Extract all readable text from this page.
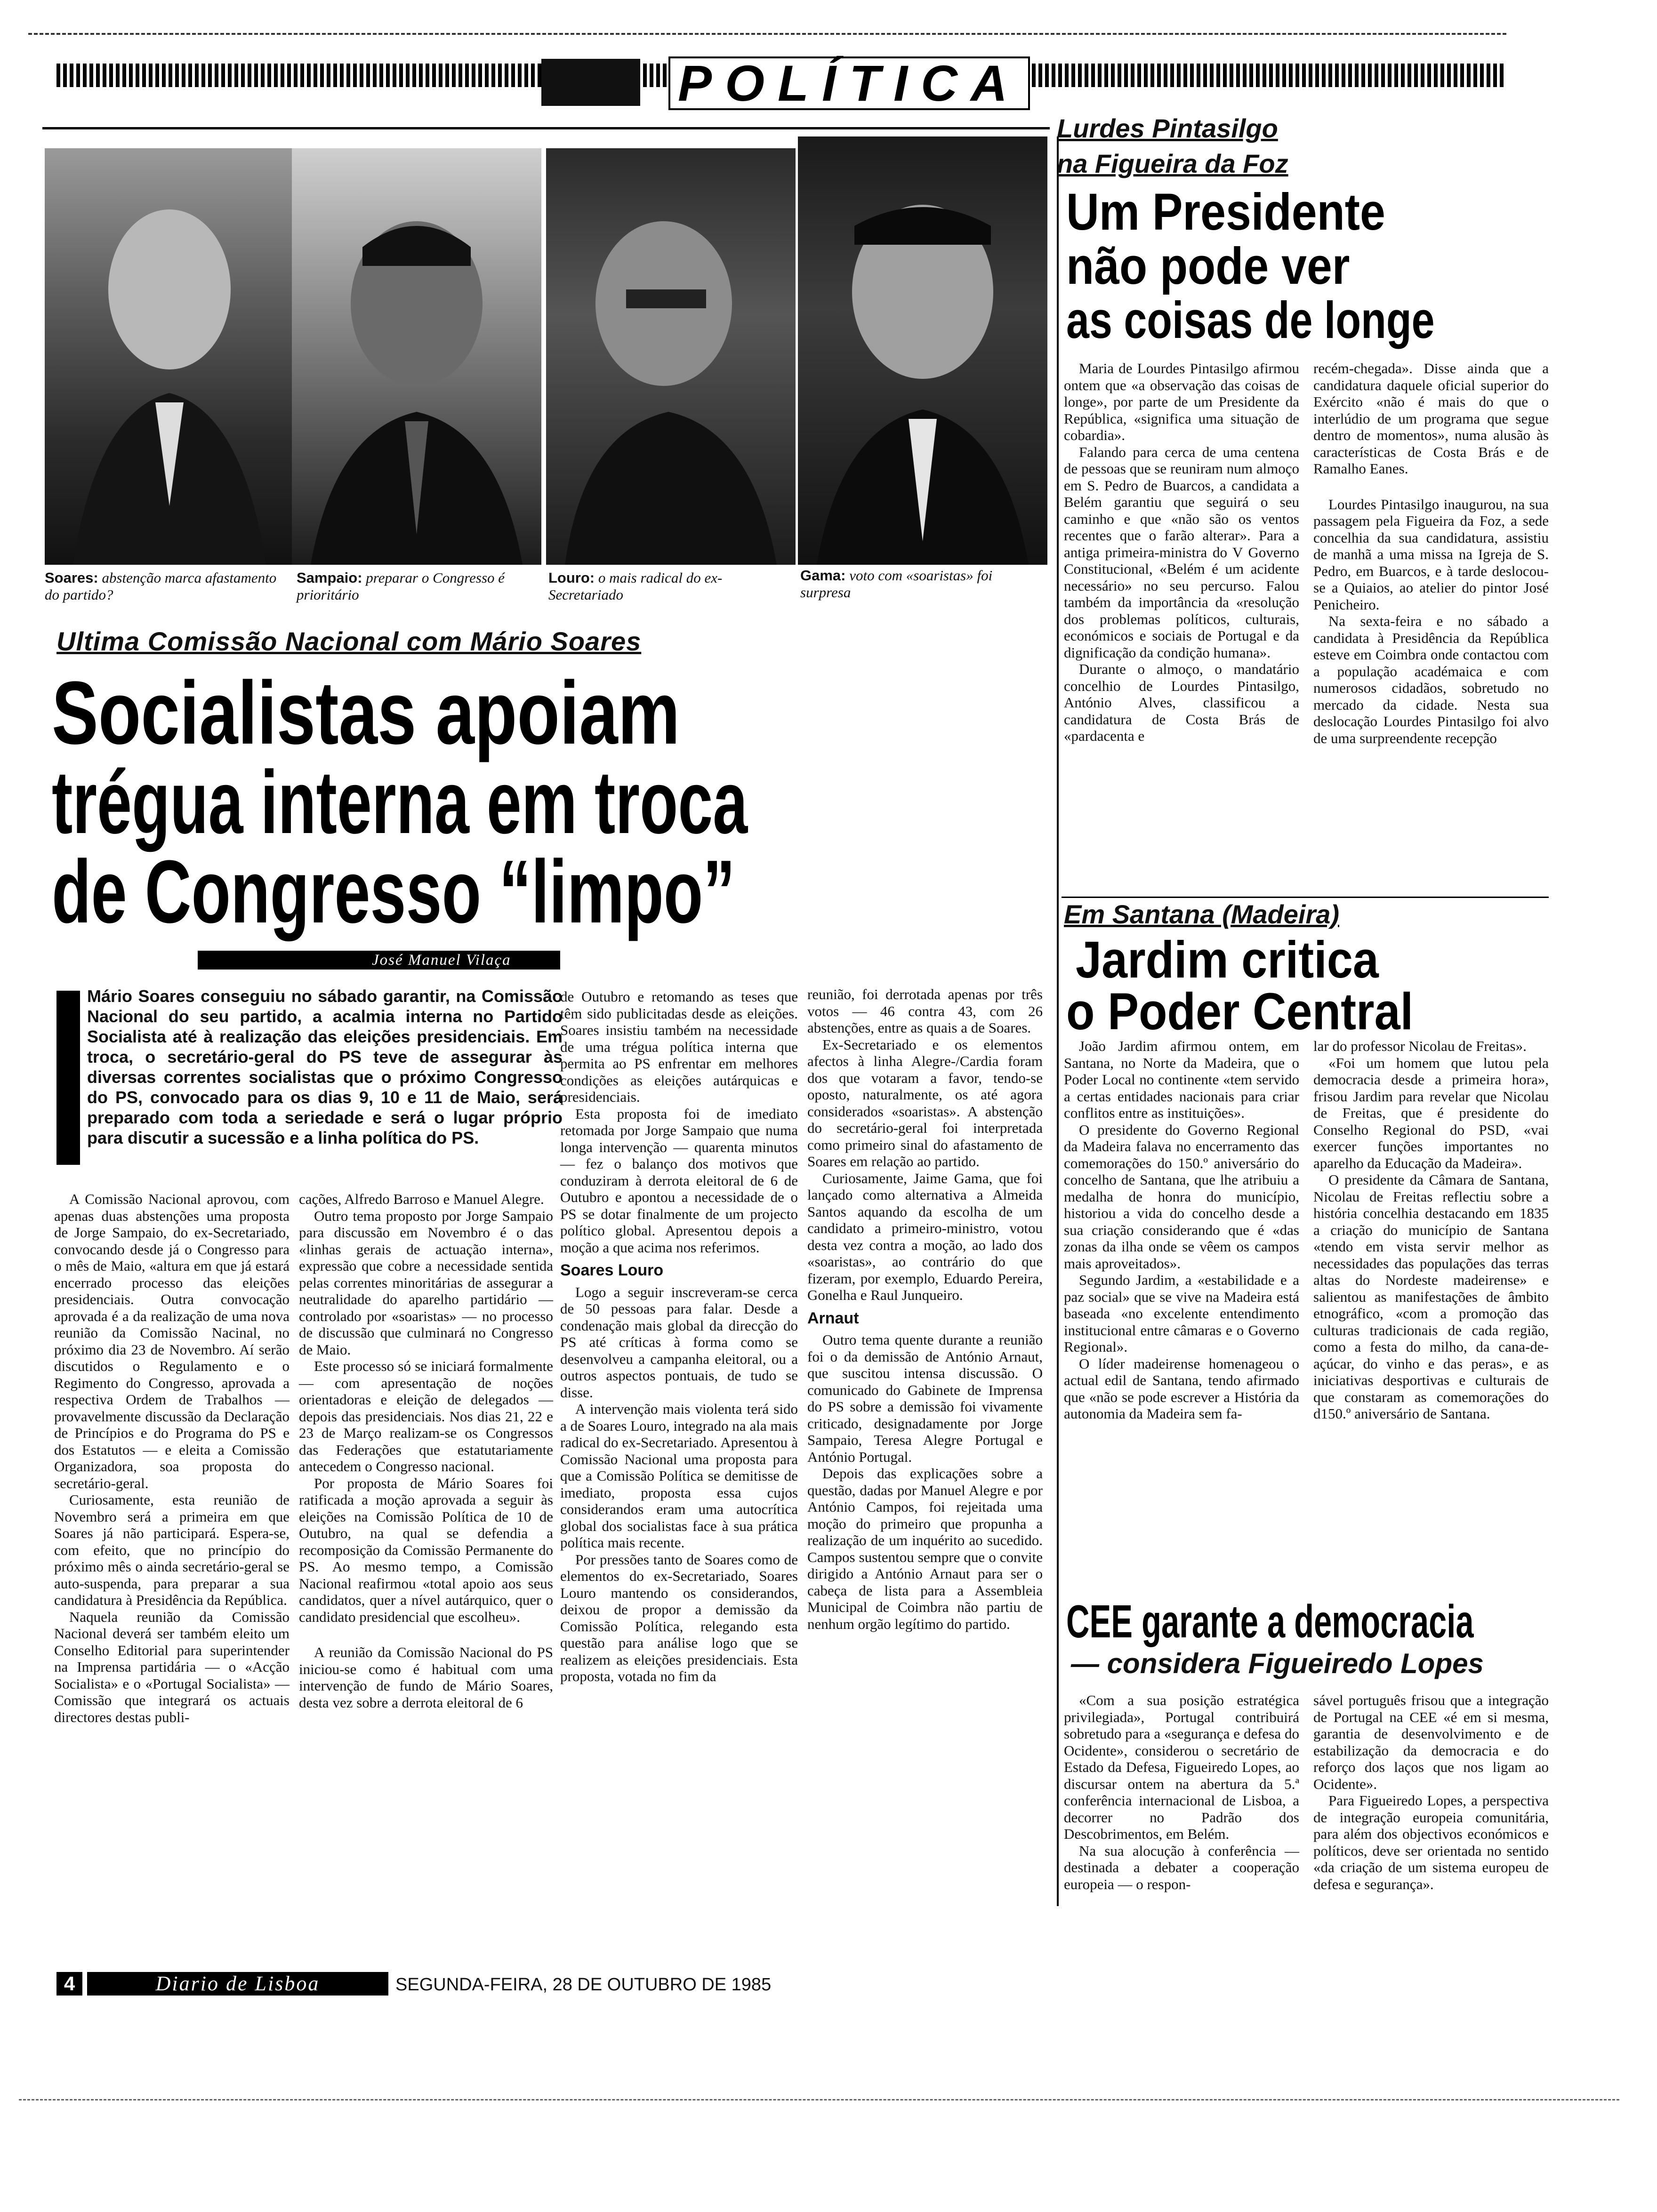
POLÍTICA
Soares: abstenção marca afastamento do partido?
Sampaio: preparar o Congresso é prioritário
Louro: o mais radical do ex-Secretariado
Gama: voto com «soaristas» foi surpresa
Ultima Comissão Nacional com Mário Soares
Socialistas apoiam
trégua interna em troca
de Congresso “limpo”
José Manuel Vilaça
Mário Soares conseguiu no sábado garantir, na Comissão Nacional do seu partido, a acalmia interna no Partido Socialista até à realização das eleições presidenciais. Em troca, o secretário-geral do PS teve de assegurar às diversas correntes socialistas que o próximo Congresso do PS, convocado para os dias 9, 10 e 11 de Maio, será preparado com toda a seriedade e será o lugar próprio para discutir a sucessão e a linha política do PS.

A Comissão Nacional aprovou, com apenas duas abstenções uma proposta de Jorge Sampaio, do ex-Secretariado, convocando desde já o Congresso para o mês de Maio, «altura em que já estará encerrado processo das eleições presidenciais. Outra convocação aprovada é a da realização de uma nova reunião da Comissão Nacinal, no próximo dia 23 de Novembro. Aí serão discutidos o Regulamento e o Regimento do Congresso, aprovada a respectiva Ordem de Trabalhos — provavelmente discussão da Declaração de Princípios e do Programa do PS e dos Estatutos — e eleita a Comissão Organizadora, soa proposta do secretário-geral.

Curiosamente, esta reunião de Novembro será a primeira em que Soares já não participará. Espera-se, com efeito, que no princípio do próximo mês o ainda secretário-geral se auto-suspenda, para preparar a sua candidatura à Presidência da República.

Naquela reunião da Comissão Nacional deverá ser também eleito um Conselho Editorial para superintender na Imprensa partidária — o «Acção Socialista» e o «Portugal Socialista» — Comissão que integrará os actuais directores destas publi-

cações, Alfredo Barroso e Manuel Alegre.

Outro tema proposto por Jorge Sampaio para discussão em Novembro é o das «linhas gerais de actuação interna», expressão que cobre a necessidade sentida pelas correntes minoritárias de assegurar a neutralidade do aparelho partidário — controlado por «soaristas» — no processo de discussão que culminará no Congresso de Maio.

Este processo só se iniciará formalmente — com apresentação de noções orientadoras e eleição de delegados — depois das presidenciais. Nos dias 21, 22 e 23 de Março realizam-se os Congressos das Federações que estatutariamente antecedem o Congresso nacional.

Por proposta de Mário Soares foi ratificada a moção aprovada a seguir às eleições na Comissão Política de 10 de Outubro, na qual se defendia a recomposição da Comissão Permanente do PS. Ao mesmo tempo, a Comissão Nacional reafirmou «total apoio aos seus candidatos, quer a nível autárquico, quer o candidato presidencial que escolheu».

A reunião da Comissão Nacional do PS iniciou-se como é habitual com uma intervenção de fundo de Mário Soares, desta vez sobre a derrota eleitoral de 6

de Outubro e retomando as teses que têm sido publicitadas desde as eleições. Soares insistiu também na necessidade de uma trégua política interna que permita ao PS enfrentar em melhores condições as eleições autárquicas e presidenciais.

Esta proposta foi de imediato retomada por Jorge Sampaio que numa longa intervenção — quarenta minutos — fez o balanço dos motivos que conduziram à derrota eleitoral de 6 de Outubro e apontou a necessidade de o PS se dotar finalmente de um projecto político global. Apresentou depois a moção a que acima nos referimos.

Soares Louro

Logo a seguir inscreveram-se cerca de 50 pessoas para falar. Desde a condenação mais global da direcção do PS até críticas à forma como se desenvolveu a campanha eleitoral, ou a outros aspectos pontuais, de tudo se disse.

A intervenção mais violenta terá sido a de Soares Louro, integrado na ala mais radical do ex-Secretariado. Apresentou à Comissão Nacional uma proposta para que a Comissão Política se demitisse de imediato, proposta essa cujos considerandos eram uma autocrítica global dos socialistas face à sua prática política mais recente.

Por pressões tanto de Soares como de elementos do ex-Secretariado, Soares Louro mantendo os considerandos, deixou de propor a demissão da Comissão Política, relegando esta questão para análise logo que se realizem as eleições presidenciais. Esta proposta, votada no fim da

reunião, foi derrotada apenas por três votos — 46 contra 43, com 26 abstenções, entre as quais a de Soares.

Ex-Secretariado e os elementos afectos à linha Alegre-/Cardia foram dos que votaram a favor, tendo-se oposto, naturalmente, os até agora considerados «soaristas». A abstenção do secretário-geral foi interpretada como primeiro sinal do afastamento de Soares em relação ao partido.

Curiosamente, Jaime Gama, que foi lançado como alternativa a Almeida Santos aquando da escolha de um candidato a primeiro-ministro, votou desta vez contra a moção, ao lado dos «soaristas», ao contrário do que fizeram, por exemplo, Eduardo Pereira, Gonelha e Raul Junqueiro.

Arnaut

Outro tema quente durante a reunião foi o da demissão de António Arnaut, que suscitou intensa discussão. O comunicado do Gabinete de Imprensa do PS sobre a demissão foi vivamente criticado, designadamente por Jorge Sampaio, Teresa Alegre Portugal e António Portugal.

Depois das explicações sobre a questão, dadas por Manuel Alegre e por António Campos, foi rejeitada uma moção do primeiro que propunha a realização de um inquérito ao sucedido. Campos sustentou sempre que o convite dirigido a António Arnaut para ser o cabeça de lista para a Assembleia Municipal de Coimbra não partiu de nenhum orgão legítimo do partido.

Lurdes Pintasilgo
na Figueira da Foz
Um Presidente
não pode ver
as coisas de longe

Maria de Lourdes Pintasilgo afirmou ontem que «a observação das coisas de longe», por parte de um Presidente da República, «significa uma situação de cobardia».

Falando para cerca de uma centena de pessoas que se reuniram num almoço em S. Pedro de Buarcos, a candidata a Belém garantiu que seguirá o seu caminho e que «não são os ventos recentes que o farão alterar». Para a antiga primeira-ministra do V Governo Constitucional, «Belém é um acidente necessário» no seu percurso. Falou também da importância da «resolução dos problemas políticos, culturais, económicos e sociais de Portugal e da dignificação da condição humana».

Durante o almoço, o mandatário concelhio de Lourdes Pintasilgo, António Alves, classificou a candidatura de Costa Brás de «pardacenta e

recém-chegada». Disse ainda que a candidatura daquele oficial superior do Exército «não é mais do que o interlúdio de um programa que segue dentro de momentos», numa alusão às características de Costa Brás e de Ramalho Eanes.

Lourdes Pintasilgo inaugurou, na sua passagem pela Figueira da Foz, a sede concelhia da sua candidatura, assistiu de manhã a uma missa na Igreja de S. Pedro, em Buarcos, e à tarde deslocou-se a Quiaios, ao atelier do pintor José Penicheiro.

Na sexta-feira e no sábado a candidata à Presidência da República esteve em Coimbra onde contactou com a população académaica e com numerosos cidadãos, sobretudo no mercado da cidade. Nesta sua deslocação Lourdes Pintasilgo foi alvo de uma surpreendente recepção

Em Santana (Madeira)
Jardim critica
o Poder Central

João Jardim afirmou ontem, em Santana, no Norte da Madeira, que o Poder Local no continente «tem servido a certas entidades nacionais para criar conflitos entre as instituições».

O presidente do Governo Regional da Madeira falava no encerramento das comemorações do 150.º aniversário do concelho de Santana, que lhe atribuiu a medalha de honra do município, historiou a vida do concelho desde a sua criação considerando que é «das zonas da ilha onde se vêem os campos mais aproveitados».

Segundo Jardim, a «estabilidade e a paz social» que se vive na Madeira está baseada «no excelente entendimento institucional entre câmaras e o Governo Regional».

O líder madeirense homenageou o actual edil de Santana, tendo afirmado que «não se pode escrever a História da autonomia da Madeira sem fa-

lar do professor Nicolau de Freitas».

«Foi um homem que lutou pela democracia desde a primeira hora», frisou Jardim para revelar que Nicolau de Freitas, que é presidente do Conselho Regional do PSD, «vai exercer funções importantes no aparelho da Educação da Madeira».

O presidente da Câmara de Santana, Nicolau de Freitas reflectiu sobre a história concelhia destacando em 1835 a criação do município de Santana «tendo em vista servir melhor as necessidades das populações das terras altas do Nordeste madeirense» e salientou as manifestações de âmbito etnográfico, «com a promoção das culturas tradicionais de cada região, como a festa do milho, da cana-de-açúcar, do vinho e das peras», e as iniciativas desportivas e culturais de que constaram as comemorações do d150.º aniversário de Santana.

CEE garante a democracia
— considera Figueiredo Lopes

«Com a sua posição estratégica privilegiada», Portugal contribuirá sobretudo para a «segurança e defesa do Ocidente», considerou o secretário de Estado da Defesa, Figueiredo Lopes, ao discursar ontem na abertura da 5.ª conferência internacional de Lisboa, a decorrer no Padrão dos Descobrimentos, em Belém.

Na sua alocução à conferência — destinada a debater a cooperação europeia — o respon-

sável português frisou que a integração de Portugal na CEE «é em si mesma, garantia de desenvolvimento e de estabilização da democracia e do reforço dos laços que nos ligam ao Ocidente».

Para Figueiredo Lopes, a perspectiva de integração europeia comunitária, para além dos objectivos económicos e políticos, deve ser orientada no sentido «da criação de um sistema europeu de defesa e segurança».

4	Diario de Lisboa	SEGUNDA-FEIRA, 28 DE OUTUBRO DE 1985
